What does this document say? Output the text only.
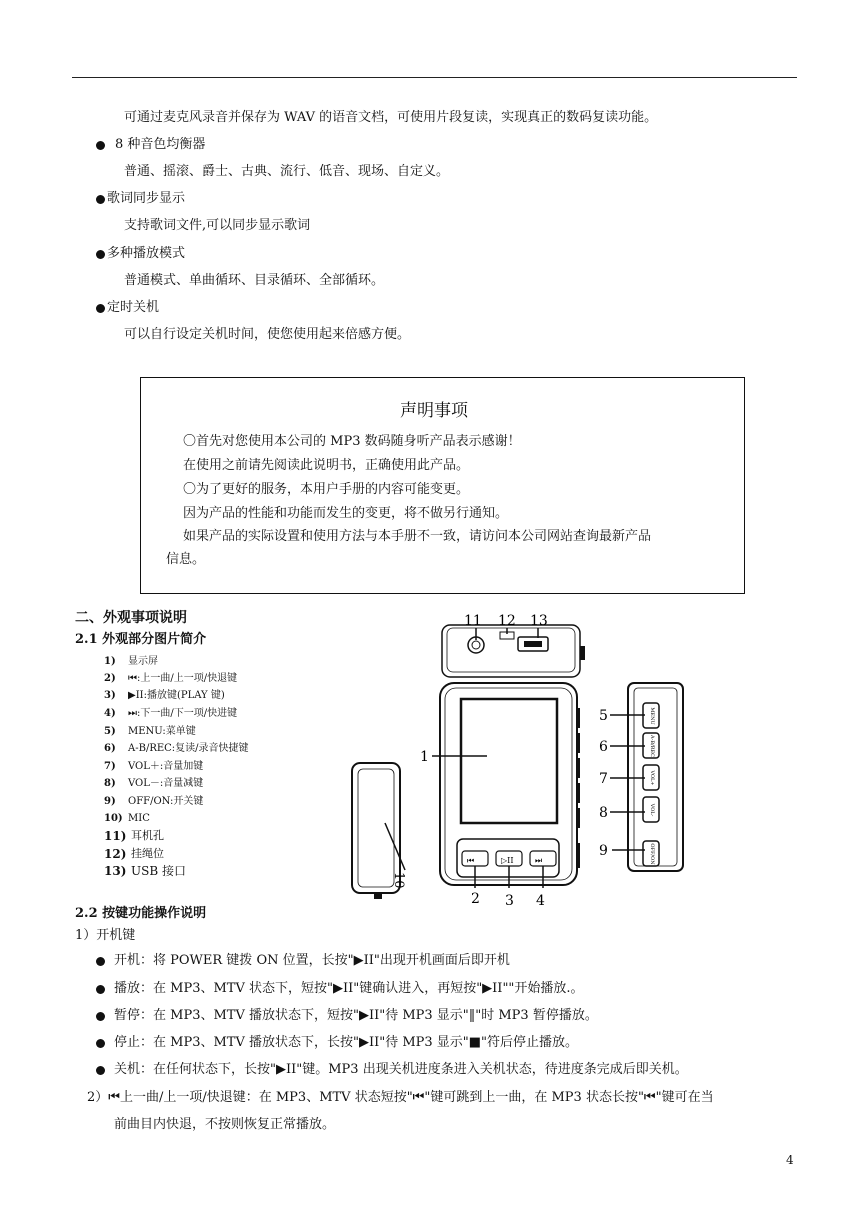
可通过麦克风录音并保存为 WAV 的语音文档，可使用片段复读，实现真正的数码复读功能。
8 种音色均衡器
普通、摇滚、爵士、古典、流行、低音、现场、自定义。
歌词同步显示
支持歌词文件,可以同步显示歌词
多种播放模式
普通模式、单曲循环、目录循环、全部循环。
定时关机
可以自行设定关机时间，使您使用起来倍感方便。
声明事项
〇首先对您使用本公司的 MP3 数码随身听产品表示感谢！
在使用之前请先阅读此说明书，正确使用此产品。
〇为了更好的服务，本用户手册的内容可能变更。
因为产品的性能和功能而发生的变更，将不做另行通知。
如果产品的实际设置和使用方法与本手册不一致，请访问本公司网站查询最新产品
信息。
二、外观事项说明
2.1 外观部分图片简介
1) 显示屏
2) ⏮:上一曲/上一项/快退键
3) ▶II:播放键(PLAY 键)
4) ⏭:下一曲/下一项/快进键
5) MENU:菜单键
6) A-B/REC:复读/录音快捷键
7) VOL＋:音量加键
8) VOL－:音量减键
9) OFF/ON:开关键
10) MIC
11) 耳机孔
12) 挂绳位
13) USB 接口
11 12 13
⏮	▷II	⏭
1
2 3 4
10
MENU
A-B/REC
VOL+
VOL-
OFF/ON
5
6
7
8
9
2.2 按键功能操作说明
1）开机键
开机：将 POWER 键拨 ON 位置，长按"▶II"出现开机画面后即开机
播放：在 MP3、MTV 状态下，短按"▶II"键确认进入，再短按"▶II""开始播放.。
暂停：在 MP3、MTV 播放状态下，短按"▶II"待 MP3 显示"‖"时 MP3 暂停播放。
停止：在 MP3、MTV 播放状态下，长按"▶II"待 MP3 显示"■"符后停止播放。
关机：在任何状态下，长按"▶II"键。MP3 出现关机进度条进入关机状态，待进度条完成后即关机。
2）⏮上一曲/上一项/快退键：在 MP3、MTV 状态短按"⏮"键可跳到上一曲，在 MP3 状态长按"⏮"键可在当
前曲目内快退，不按则恢复正常播放。
4
